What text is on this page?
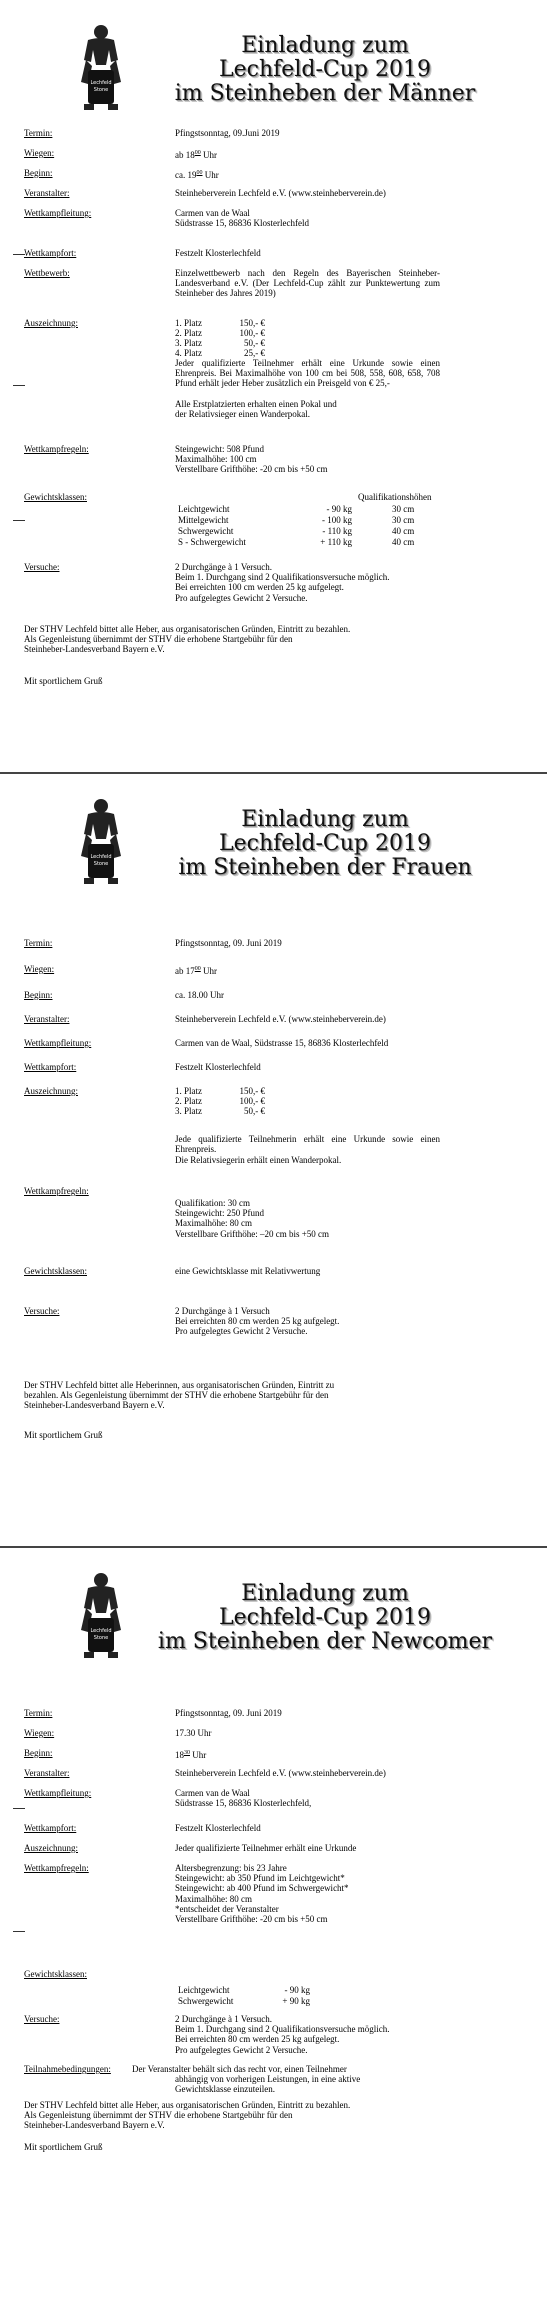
Einladung zum
Lechfeld-Cup 2019
im Steinheben der Männer
Termin:	Pfingstsonntag, 09.Juni 2019
Wiegen:	ab $18^{00}$ Uhr
Beginn:	ca. $19^{00}$ Uhr
Veranstalter:	Steinheberverein Lechfeld e.V. (www.steinheberverein.de)
Wettkampfleitung:	Carmen van de Waal
Südstrasse 15, 86836 Klosterlechfeld
Wettkampfort:	Festzelt Klosterlechfeld
Wettbewerb:	Einzelwettbewerb nach den Regeln des Bayerischen Steinheber-Landesverband e.V. (Der Lechfeld-Cup zählt zur Punktewertung zum Steinheber des Jahres 2019)
Auszeichnung:	1. Platz	150,- €
2. Platz	100,- €
3. Platz	50,- €
4. Platz	25,- €
Jeder qualifizierte Teilnehmer erhält eine Urkunde sowie einen Ehrenpreis. Bei Maximalhöhe von 100 cm bei 508, 558, 608, 658, 708 Pfund erhält jeder Heber zusätzlich ein Preisgeld von € 25,-
Alle Erstplatzierten erhalten einen Pokal und
der Relativsieger einen Wanderpokal.
Wettkampfregeln:	Steingewicht: 508 Pfund
Maximalhöhe: 100 cm
Verstellbare Grifthöhe: -20 cm bis +50 cm
Gewichtsklassen:	Qualifikationshöhen
Leichtgewicht	- 90 kg	30 cm
Mittelgewicht	- 100 kg	30 cm
Schwergewicht	- 110 kg	40 cm
S - Schwergewicht	+ 110 kg	40 cm
Versuche:	2 Durchgänge à 1 Versuch.
Beim 1. Durchgang sind 2 Qualifikationsversuche möglich.
Bei erreichten 100 cm werden 25 kg aufgelegt.
Pro aufgelegtes Gewicht 2 Versuche.
Der STHV Lechfeld bittet alle Heber, aus organisatorischen Gründen, Eintritt zu bezahlen.
Als Gegenleistung übernimmt der STHV die erhobene Startgebühr für den
Steinheber-Landesverband Bayern e.V.
Mit sportlichem Gruß
Einladung zum
Lechfeld-Cup 2019
im Steinheben der Frauen
Termin:	Pfingstsonntag, 09. Juni 2019
Wiegen:	ab $17^{00}$ Uhr
Beginn:	ca. 18.00 Uhr
Veranstalter:	Steinheberverein Lechfeld e.V. (www.steinheberverein.de)
Wettkampfleitung:	Carmen van de Waal, Südstrasse 15, 86836 Klosterlechfeld
Wettkampfort:	Festzelt Klosterlechfeld
Auszeichnung:	1. Platz	150,- €
2. Platz	100,- €
3. Platz	50,- €
Jede qualifizierte Teilnehmerin erhält eine Urkunde sowie einen Ehrenpreis.
Die Relativsiegerin erhält einen Wanderpokal.
Wettkampfregeln:
Qualifikation: 30 cm
Steingewicht: 250 Pfund
Maximalhöhe: 80 cm
Verstellbare Grifthöhe: –20 cm bis +50 cm
Gewichtsklassen:	eine Gewichtsklasse mit Relativwertung
Versuche:	2 Durchgänge à 1 Versuch
Bei erreichten 80 cm werden 25 kg aufgelegt.
Pro aufgelegtes Gewicht 2 Versuche.
Der STHV Lechfeld bittet alle Heberinnen, aus organisatorischen Gründen, Eintritt zu
bezahlen. Als Gegenleistung übernimmt der STHV die erhobene Startgebühr für den
Steinheber-Landesverband Bayern e.V.
Mit sportlichem Gruß
Einladung zum
Lechfeld-Cup 2019
im Steinheben der Newcomer
Termin:	Pfingstsonntag, 09. Juni 2019
Wiegen:	17.30 Uhr
Beginn:	$18^{30}$ Uhr
Veranstalter:	Steinheberverein Lechfeld e.V. (www.steinheberverein.de)
Wettkampfleitung:	Carmen van de Waal
Südstrasse 15, 86836 Klosterlechfeld,
Wettkampfort:	Festzelt Klosterlechfeld
Auszeichnung:	Jeder qualifizierte Teilnehmer erhält eine Urkunde
Wettkampfregeln:	Altersbegrenzung: bis 23 Jahre
Steingewicht: ab 350 Pfund im Leichtgewicht*
Steingewicht: ab 400 Pfund im Schwergewicht*
Maximalhöhe: 80 cm
*entscheidet der Veranstalter
Verstellbare Grifthöhe: -20 cm bis +50 cm
Gewichtsklassen:
Leichtgewicht	- 90 kg
Schwergewicht	+ 90 kg
Versuche:	2 Durchgänge à 1 Versuch.
Beim 1. Durchgang sind 2 Qualifikationsversuche möglich.
Bei erreichten 80 cm werden 25 kg aufgelegt.
Pro aufgelegtes Gewicht 2 Versuche.
Teilnahmebedingungen: Der Veranstalter behält sich das recht vor, einen Teilnehmer
abhängig von vorherigen Leistungen, in eine aktive
Gewichtsklasse einzuteilen.
Der STHV Lechfeld bittet alle Heber, aus organisatorischen Gründen, Eintritt zu bezahlen.
Als Gegenleistung übernimmt der STHV die erhobene Startgebühr für den
Steinheber-Landesverband Bayern e.V.
Mit sportlichem Gruß
